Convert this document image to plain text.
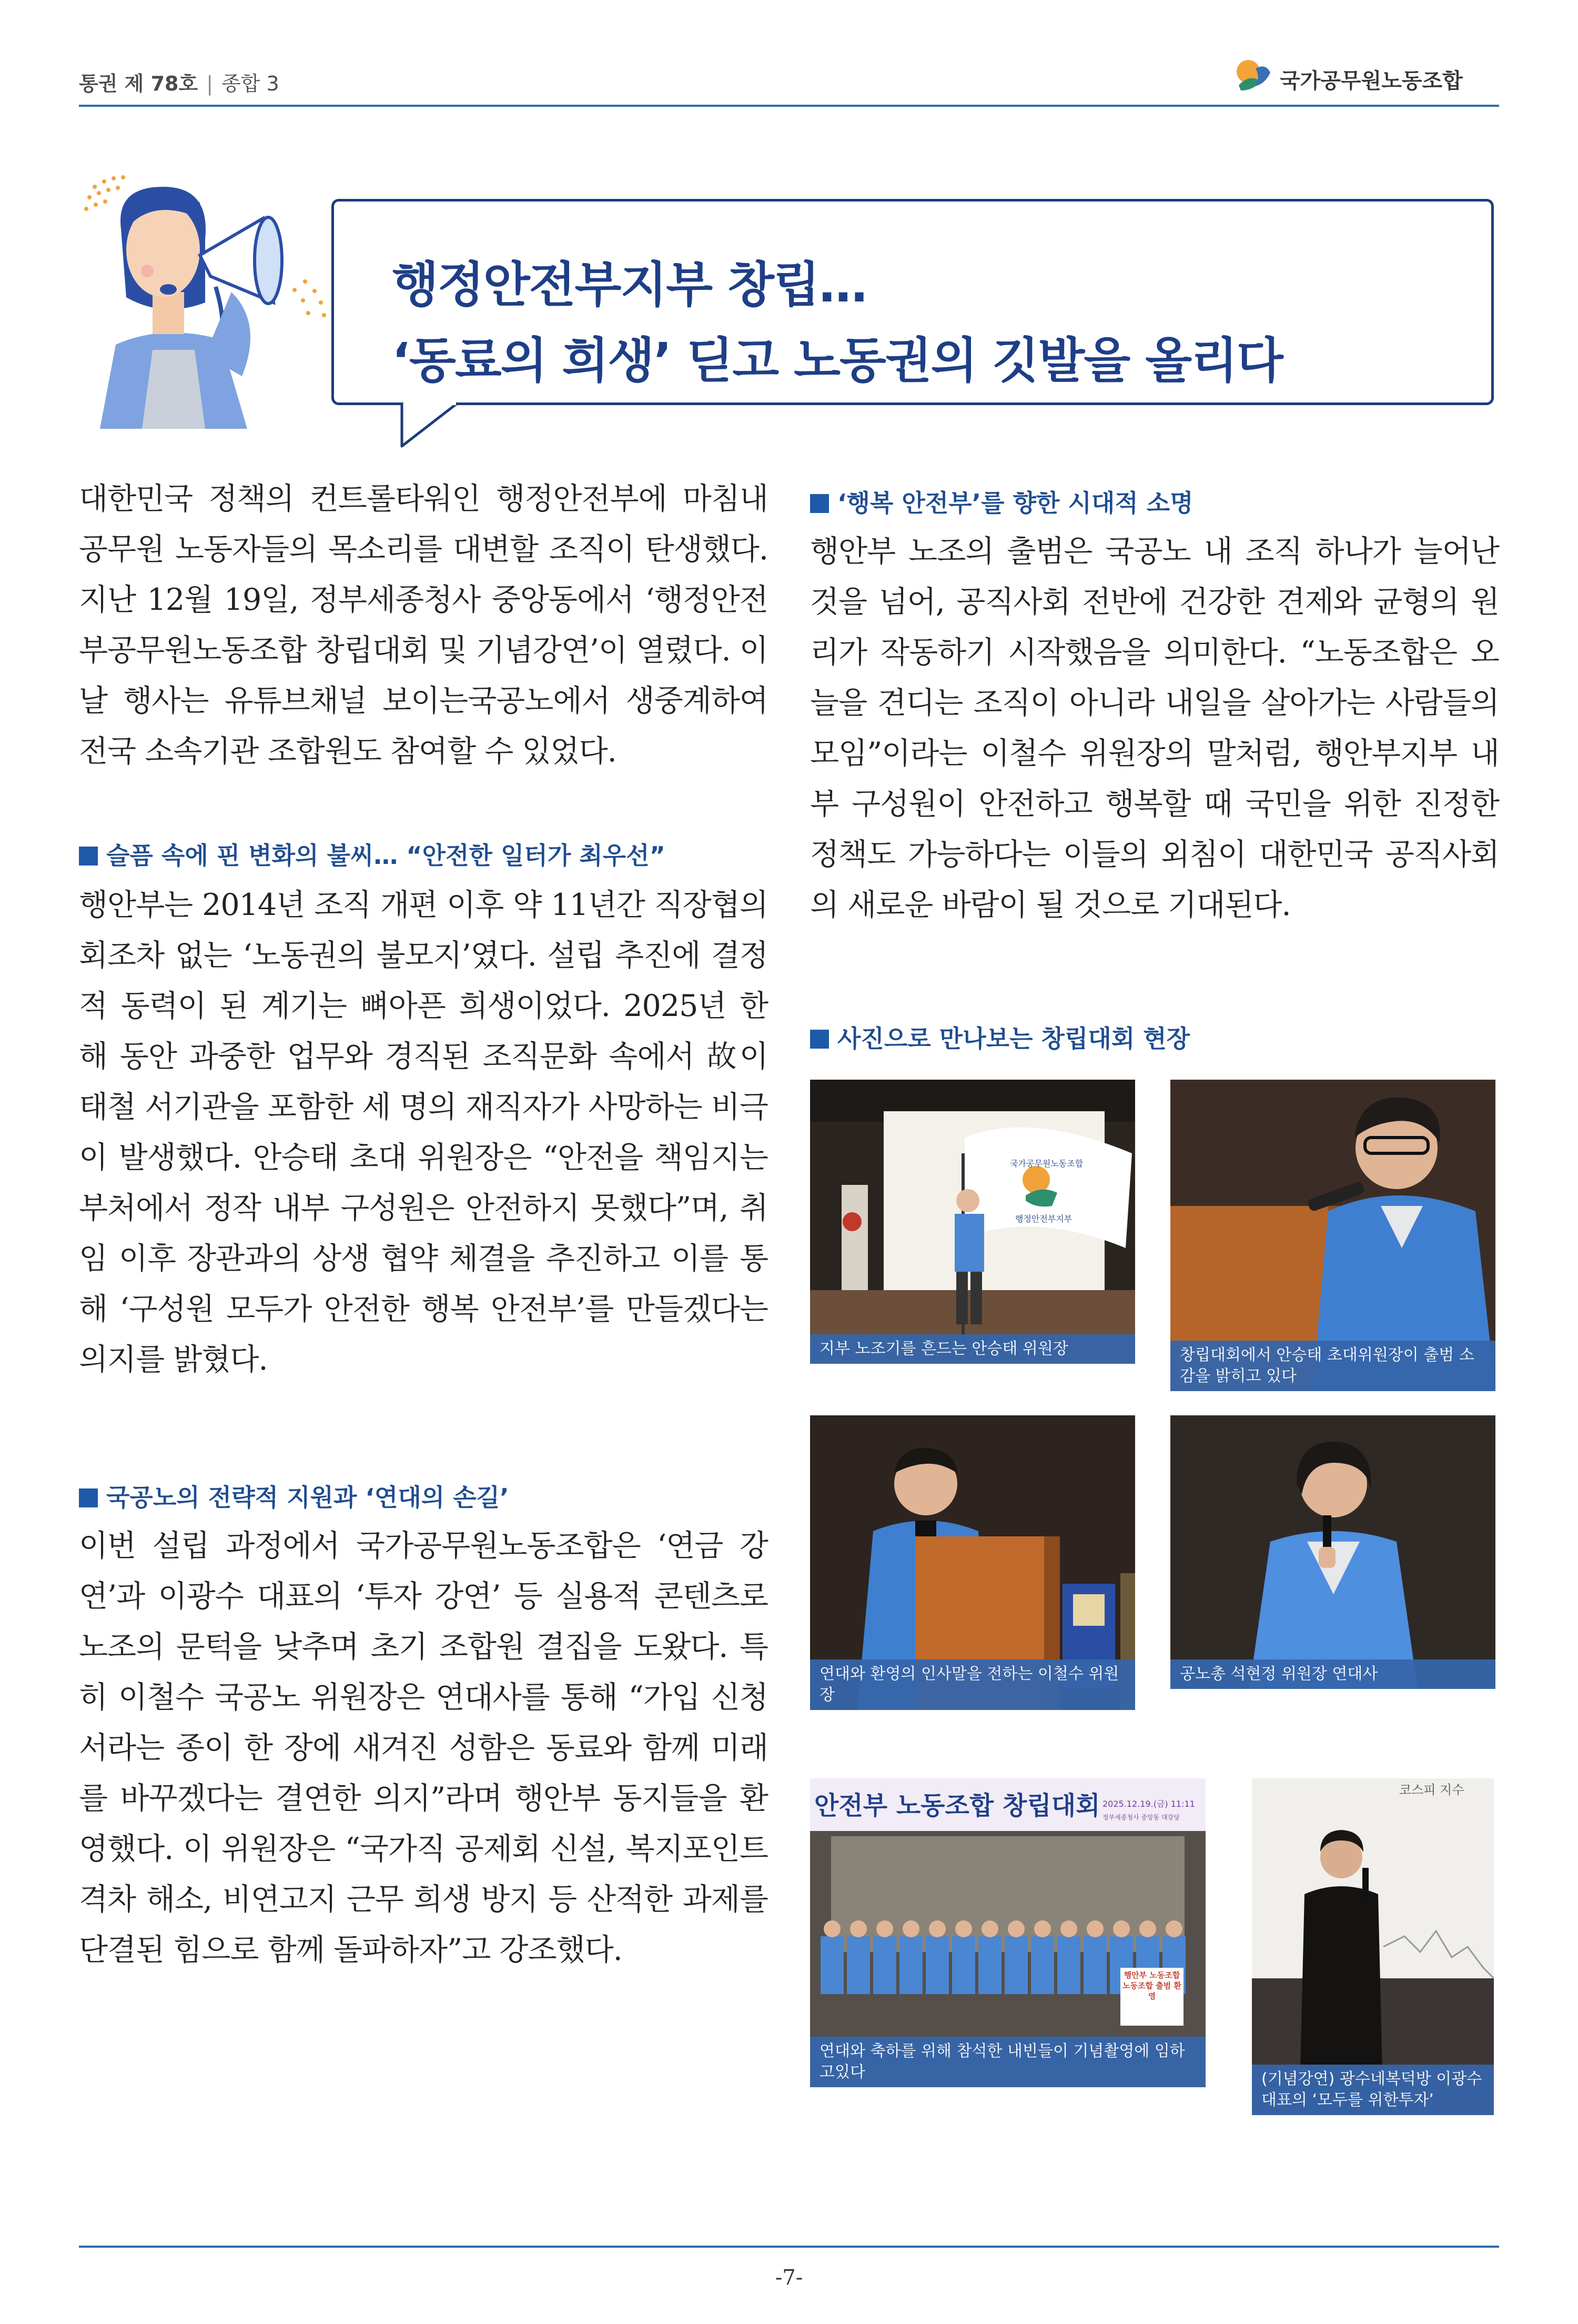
통권 제 78호 | 종합 3	국가공무원노동조합
행정안전부지부 창립…
‘동료의 희생’ 딛고 노동권의 깃발을 올리다
대한민국 정책의 컨트롤타워인 행정안전부에 마침내 공무원 노동자들의 목소리를 대변할 조직이 탄생했다. 지난 12월 19일, 정부세종청사 중앙동에서 ‘행정안전부공무원노동조합 창립대회 및 기념강연’이 열렸다. 이날 행사는 유튜브채널 보이는국공노에서 생중계하여 전국 소속기관 조합원도 참여할 수 있었다.
슬픔 속에 핀 변화의 불씨… “안전한 일터가 최우선”
행안부는 2014년 조직 개편 이후 약 11년간 직장협의회조차 없는 ‘노동권의 불모지’였다. 설립 추진에 결정적 동력이 된 계기는 뼈아픈 희생이었다. 2025년 한 해 동안 과중한 업무와 경직된 조직문화 속에서 故이태철 서기관을 포함한 세 명의 재직자가 사망하는 비극이 발생했다. 안승태 초대 위원장은 “안전을 책임지는 부처에서 정작 내부 구성원은 안전하지 못했다”며, 취임 이후 장관과의 상생 협약 체결을 추진하고 이를 통해 ‘구성원 모두가 안전한 행복 안전부’를 만들겠다는 의지를 밝혔다.
국공노의 전략적 지원과 ‘연대의 손길’
이번 설립 과정에서 국가공무원노동조합은 ‘연금 강연’과 이광수 대표의 ‘투자 강연’ 등 실용적 콘텐츠로 노조의 문턱을 낮추며 초기 조합원 결집을 도왔다. 특히 이철수 국공노 위원장은 연대사를 통해 “가입 신청서라는 종이 한 장에 새겨진 성함은 동료와 함께 미래를 바꾸겠다는 결연한 의지”라며 행안부 동지들을 환영했다. 이 위원장은 “국가직 공제회 신설, 복지포인트 격차 해소, 비연고지 근무 희생 방지 등 산적한 과제를 단결된 힘으로 함께 돌파하자”고 강조했다.
‘행복 안전부’를 향한 시대적 소명
행안부 노조의 출범은 국공노 내 조직 하나가 늘어난 것을 넘어, 공직사회 전반에 건강한 견제와 균형의 원리가 작동하기 시작했음을 의미한다. “노동조합은 오늘을 견디는 조직이 아니라 내일을 살아가는 사람들의 모임”이라는 이철수 위원장의 말처럼, 행안부지부 내부 구성원이 안전하고 행복할 때 국민을 위한 진정한 정책도 가능하다는 이들의 외침이 대한민국 공직사회의 새로운 바람이 될 것으로 기대된다.
사진으로 만나보는 창립대회 현장
국가공무원노동조합
행정안전부지부
지부 노조기를 흔드는 안승태 위원장	창립대회에서 안승태 초대위원장이 출범 소감을 밝히고 있다
연대와 환영의 인사말을 전하는 이철수 위원장
공노총 석현정 위원장 연대사
안전부 노동조합 창립대회 2025.12.19.(금) 11:11
정부세종청사 중앙동 대강당
행안부 노동조합 노동조합 출범 환영
연대와 축하를 위해 참석한 내빈들이 기념촬영에 임하고있다
코스피 지수
(기념강연) 광수네복덕방 이광수 대표의 ‘모두를 위한투자’
-7-
